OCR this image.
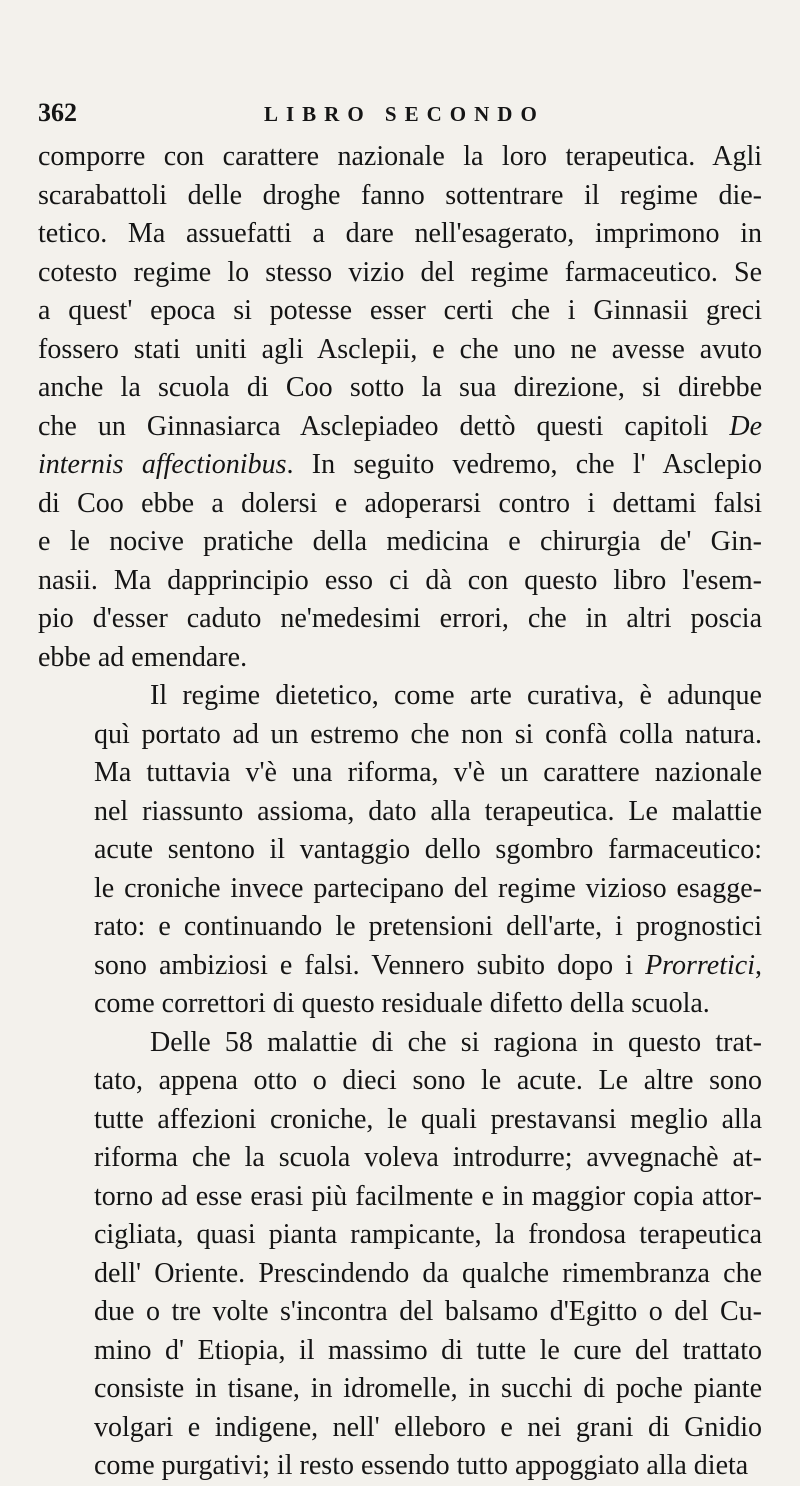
362	LIBRO SECONDO

comporre con carattere nazionale la loro terapeutica. Agli
scarabattoli delle droghe fanno sottentrare il regime die-
tetico. Ma assuefatti a dare nell'esagerato, imprimono in
cotesto regime lo stesso vizio del regime farmaceutico. Se
a quest' epoca si potesse esser certi che i Ginnasii greci
fossero stati uniti agli Asclepii, e che uno ne avesse avuto
anche la scuola di Coo sotto la sua direzione, si direbbe
che un Ginnasiarca Asclepiadeo dettò questi capitoli De
internis affectionibus. In seguito vedremo, che l' Asclepio
di Coo ebbe a dolersi e adoperarsi contro i dettami falsi
e le nocive pratiche della medicina e chirurgia de' Gin-
nasii. Ma dapprincipio esso ci dà con questo libro l'esem-
pio d'esser caduto ne'medesimi errori, che in altri poscia
ebbe ad emendare.

Il regime dietetico, come arte curativa, è adunque
quì portato ad un estremo che non si confà colla natura.
Ma tuttavia v'è una riforma, v'è un carattere nazionale
nel riassunto assioma, dato alla terapeutica. Le malattie
acute sentono il vantaggio dello sgombro farmaceutico:
le croniche invece partecipano del regime vizioso esagge-
rato: e continuando le pretensioni dell'arte, i prognostici
sono ambiziosi e falsi. Vennero subito dopo i Prorretici,
come correttori di questo residuale difetto della scuola.

Delle 58 malattie di che si ragiona in questo trat-
tato, appena otto o dieci sono le acute. Le altre sono
tutte affezioni croniche, le quali prestavansi meglio alla
riforma che la scuola voleva introdurre; avvegnachè at-
torno ad esse erasi più facilmente e in maggior copia attor-
cigliata, quasi pianta rampicante, la frondosa terapeutica
dell' Oriente. Prescindendo da qualche rimembranza che
due o tre volte s'incontra del balsamo d'Egitto o del Cu-
mino d' Etiopia, il massimo di tutte le cure del trattato
consiste in tisane, in idromelle, in succhi di poche piante
volgari e indigene, nell' elleboro e nei grani di Gnidio
come purgativi; il resto essendo tutto appoggiato alla dieta
